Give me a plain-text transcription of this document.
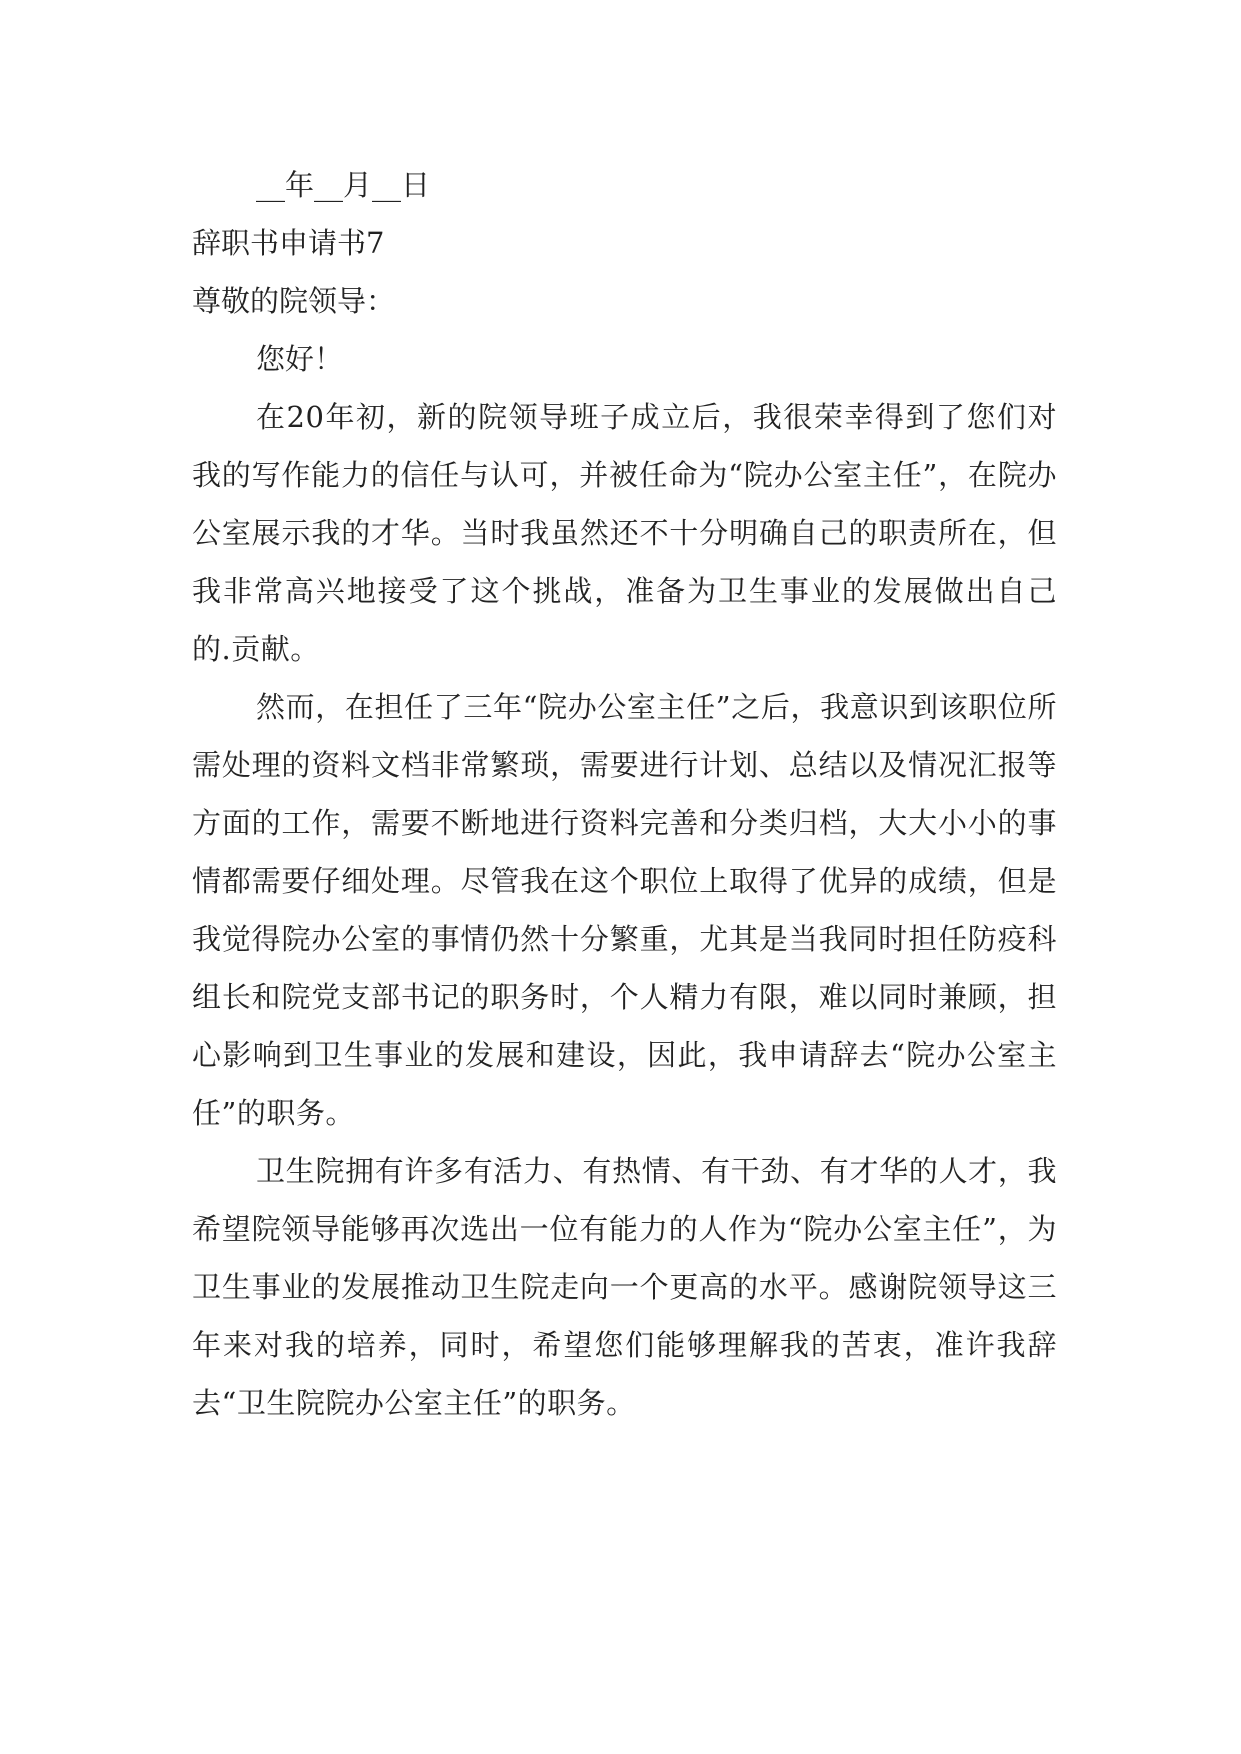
__年__月__日

辞职书申请书7

尊敬的院领导：

您好！

在20年初，新的院领导班子成立后，我很荣幸得到了您们对我的写作能力的信任与认可，并被任命为“院办公室主任”，在院办公室展示我的才华。当时我虽然还不十分明确自己的职责所在，但我非常高兴地接受了这个挑战，准备为卫生事业的发展做出自己的.贡献。

然而，在担任了三年“院办公室主任”之后，我意识到该职位所需处理的资料文档非常繁琐，需要进行计划、总结以及情况汇报等方面的工作，需要不断地进行资料完善和分类归档，大大小小的事情都需要仔细处理。尽管我在这个职位上取得了优异的成绩，但是我觉得院办公室的事情仍然十分繁重，尤其是当我同时担任防疫科组长和院党支部书记的职务时，个人精力有限，难以同时兼顾，担心影响到卫生事业的发展和建设，因此，我申请辞去“院办公室主任”的职务。

卫生院拥有许多有活力、有热情、有干劲、有才华的人才，我希望院领导能够再次选出一位有能力的人作为“院办公室主任”，为卫生事业的发展推动卫生院走向一个更高的水平。感谢院领导这三年来对我的培养，同时，希望您们能够理解我的苦衷，准许我辞去“卫生院院办公室主任”的职务。
